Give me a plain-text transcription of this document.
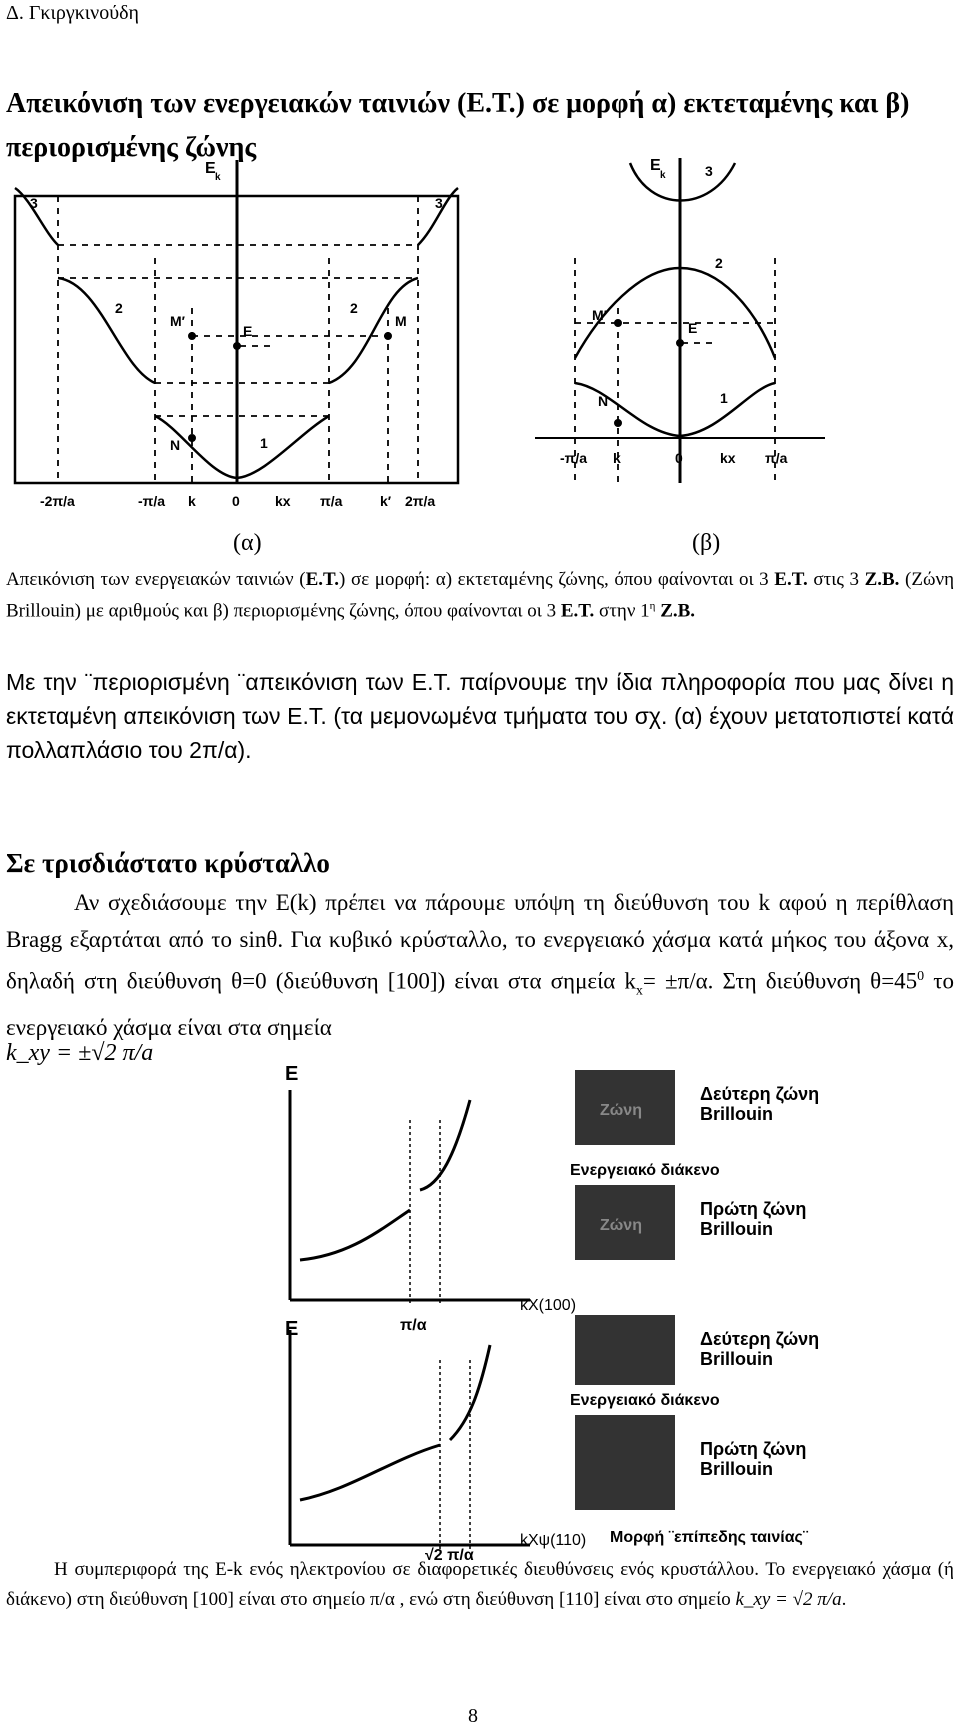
Δ. Γκιργκινούδη
Απεικόνιση των ενεργειακών ταινιών (Ε.Τ.) σε μορφή α) εκτεταμένης και β) περιορισμένης ζώνης
E
k
3	3
2	2
1
M′	M
N
E
-2π/a	-π/a k	0	kx π/a	k′ 2π/a
E
k	3
2
1
M′
N
E
-π/a k	0	kx π/a
(α)	(β)
Απεικόνιση των ενεργειακών ταινιών (Ε.Τ.) σε μορφή: α) εκτεταμένης ζώνης, όπου φαίνονται οι 3 Ε.Τ. στις 3 Ζ.Β. (Ζώνη Brillouin) με αριθμούς και β) περιορισμένης ζώνης, όπου φαίνονται οι 3 Ε.Τ. στην $1^\eta$ Ζ.Β.
Με την ¨περιορισμένη ¨απεικόνιση των Ε.Τ. παίρνουμε την ίδια πληροφορία που μας δίνει η εκτεταμένη απεικόνιση των Ε.Τ. (τα μεμονωμένα τμήματα του σχ. (α) έχουν μετατοπιστεί κατά πολλαπλάσιο του 2π/α).
Σε τρισδιάστατο κρύσταλλο
Αν σχεδιάσουμε την E(k) πρέπει να πάρουμε υπόψη τη διεύθυνση του k αφού η περίθλαση Bragg εξαρτάται από το sinθ. Για κυβικό κρύσταλλο, το ενεργειακό χάσμα κατά μήκος του άξονα x, δηλαδή στη διεύθυνση θ=0 (διεύθυνση [100]) είναι στα σημεία $k_x= \pm\pi/\alpha$. Στη διεύθυνση $\theta=45^0$ το ενεργειακό χάσμα είναι στα σημεία
k_xy = ±√2 π/a
E
kX(100)
π/α
Ζώνη
Ενεργειακό διάκενο
Ζώνη
Δεύτερη ζώνη
Brillouin
Πρώτη ζώνη
Brillouin
E
kXψ(110)
√2 π/α
Ενεργειακό διάκενο
Δεύτερη ζώνη
Brillouin
Πρώτη ζώνη
Brillouin
Μορφή ¨επίπεδης ταινίας¨
Η συμπεριφορά της E-k ενός ηλεκτρονίου σε διαφορετικές διευθύνσεις ενός κρυστάλλου. Το ενεργειακό χάσμα (ή διάκενο) στη διεύθυνση [100] είναι στο σημείο π/α , ενώ στη διεύθυνση [110] είναι στο σημείο k_xy = √2 π/a.
8
